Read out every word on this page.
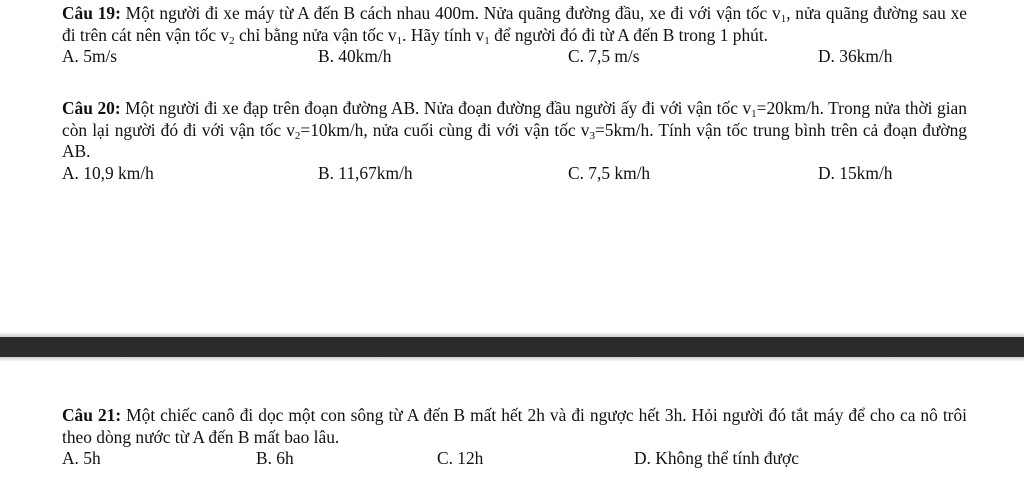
Câu 19: Một người đi xe máy từ A đến B cách nhau 400m. Nửa quãng đường đầu, xe đi với vận tốc $v_1$, nửa quãng đường sau xe đi trên cát nên vận tốc $v_2$ chỉ bằng nửa vận tốc $v_1$. Hãy tính $v_1$ để người đó đi từ A đến B trong 1 phút.

A. 5m/s	B. 40km/h	C. 7,5 m/s	D. 36km/h

Câu 20: Một người đi xe đạp trên đoạn đường AB. Nửa đoạn đường đầu người ấy đi với vận tốc $v_1=20km/h$. Trong nửa thời gian còn lại người đó đi với vận tốc $v_2=10km/h$, nửa cuối cùng đi với vận tốc $v_3=5km/h$. Tính vận tốc trung bình trên cả đoạn đường AB.

A. 10,9 km/h	B. 11,67km/h	C. 7,5 km/h	D. 15km/h

Câu 21: Một chiếc canô đi dọc một con sông từ A đến B mất hết 2h và đi ngược hết 3h. Hỏi người đó tắt máy để cho ca nô trôi theo dòng nước từ A đến B mất bao lâu.

A. 5h	B. 6h	C. 12h	D. Không thể tính được
